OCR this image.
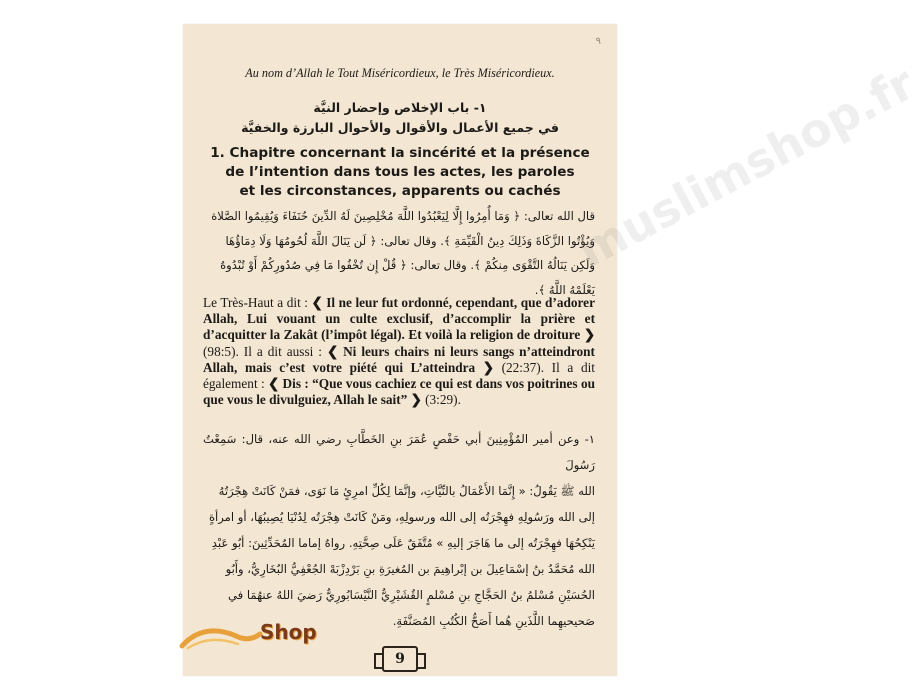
٩
Au nom d’Allah le Tout Miséricordieux, le Très Miséricordieux.
١- باب الإخلاص وإحضار النيَّة
في جميع الأعمال والأقوال والأحوال البارزة والخفيَّة
1. Chapitre concernant la sincérité et la présence
de l’intention dans tous les actes, les paroles
et les circonstances, apparents ou cachés
قال الله تعالى: ﴿ وَمَا أُمِرُوا إِلَّا لِيَعْبُدُوا اللَّهَ مُخْلِصِينَ لَهُ الدِّينَ حُنَفَاءَ وَيُقِيمُوا الصَّلاة
وَيُؤْتُوا الزَّكَاةَ وَذَلِكَ دِينُ الْقَيِّمَةِ ﴾. وقال تعالى: ﴿ لَن يَنَالَ اللَّهَ لُحُومُهَا وَلَا دِمَاؤُهَا
وَلَكِن يَنَالُهُ التَّقْوَى مِنكُمْ ﴾. وقال تعالى: ﴿ قُلْ إِن تُخْفُوا مَا فِي صُدُورِكُمْ أَوْ تُبْدُوهُ
يَعْلَمْهُ اللَّهُ ﴾.
Le Très-Haut a dit : ❮ Il ne leur fut ordonné, cependant, que d’adorer Allah, Lui vouant un culte exclusif, d’accomplir la prière et d’acquitter la Zakât (l’impôt légal). Et voilà la religion de droiture ❯ (98:5). Il a dit aussi : ❮ Ni leurs chairs ni leurs sangs n’atteindront Allah, mais c’est votre piété qui L’atteindra ❯ (22:37). Il a dit également : ❮ Dis : “Que vous cachiez ce qui est dans vos poitrines ou que vous le divulguiez, Allah le sait” ❯ (3:29).
١- وعن أمير المُؤْمِنِينَ أبي حَفْصٍ عُمَرَ بنِ الخَطَّابِ رضي الله عنه، قال: سَمِعْتُ رَسُولَ
الله ﷺ يَقُولُ: « إِنَّمَا الأَعْمَالُ بالنِّيَّاتِ، وإنَّمَا لِكُلِّ امرِئٍ مَا نَوَى، فمَنْ كَانَتْ هِجْرَتُهُ
إلى الله ورَسُولِهِ فهِجْرَتُه إلى الله ورسولِهِ، ومَنْ كَانَتْ هِجْرَتُه لِدُنْيَا يُصِيبُهَا، أو امرأةٍ
يَنْكِحُهَا فهِجْرَتُه إلى ما هَاجَرَ إليهِ » مُتَّفَقٌ عَلَى صِحَّتِهِ. رواهُ إماما المُحَدِّثِينَ: أبُو عَبْدِ
الله مُحَمَّدُ بنُ إسْمَاعِيلَ بن إبْراهِيمَ بن المُغيرَةِ بنِ بَرْدِزْبَهْ الجُعْفِيُّ البُخَارِيُّ، وأَبُو
الحُسَيْنِ مُسْلمُ بنُ الحَجَّاجِ بنِ مُسْلمٍ القُشَيْرِيُّ النَّيْسَابُورِيُّ رَضيَ اللهُ عنهُمَا في
صَحيحيهِما اللَّذَينِ هُما أَصَحُّ الكُتُبِ المُصَنَّفَةِ.
9
muslimshop.fr
Shop
